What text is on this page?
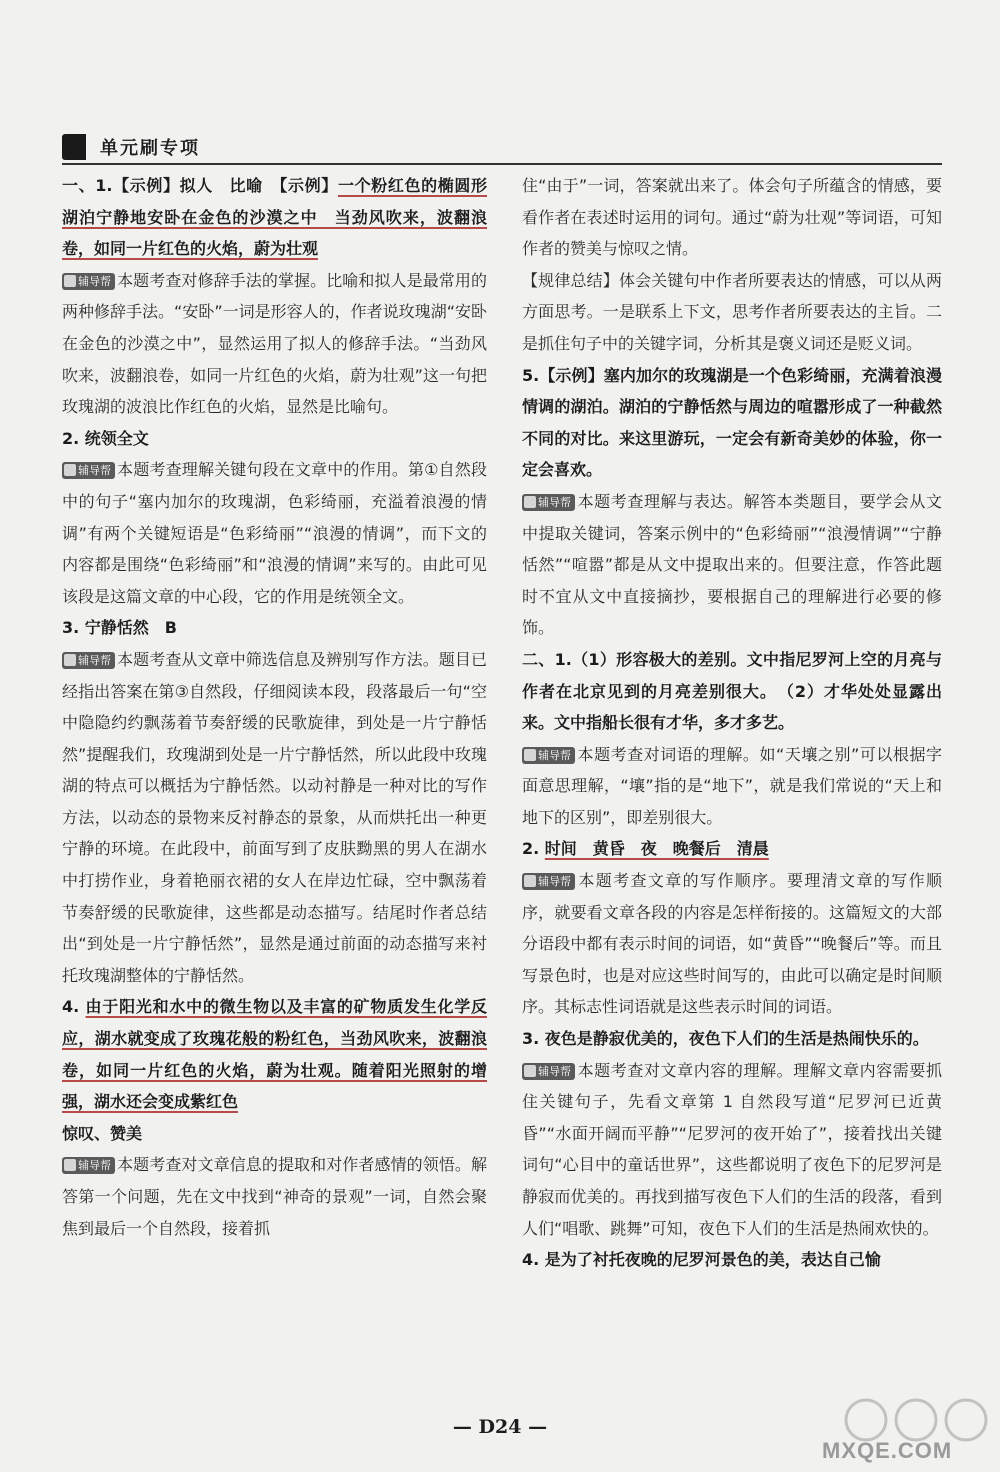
单元刷专项

一、1.【示例】拟人　比喻　【示例】一个粉红色的椭圆形湖泊宁静地安卧在金色的沙漠之中　当劲风吹来，波翻浪卷，如同一片红色的火焰，蔚为壮观

辅导帮 本题考查对修辞手法的掌握。比喻和拟人是最常用的两种修辞手法。“安卧”一词是形容人的，作者说玫瑰湖“安卧在金色的沙漠之中”，显然运用了拟人的修辞手法。“当劲风吹来，波翻浪卷，如同一片红色的火焰，蔚为壮观”这一句把玫瑰湖的波浪比作红色的火焰，显然是比喻句。

2. 统领全文

辅导帮 本题考查理解关键句段在文章中的作用。第①自然段中的句子“塞内加尔的玫瑰湖，色彩绮丽，充溢着浪漫的情调”有两个关键短语是“色彩绮丽”“浪漫的情调”，而下文的内容都是围绕“色彩绮丽”和“浪漫的情调”来写的。由此可见该段是这篇文章的中心段，它的作用是统领全文。

3. 宁静恬然　B

辅导帮 本题考查从文章中筛选信息及辨别写作方法。题目已经指出答案在第③自然段，仔细阅读本段，段落最后一句“空中隐隐约约飘荡着节奏舒缓的民歌旋律，到处是一片宁静恬然”提醒我们，玫瑰湖到处是一片宁静恬然，所以此段中玫瑰湖的特点可以概括为宁静恬然。以动衬静是一种对比的写作方法，以动态的景物来反衬静态的景象，从而烘托出一种更宁静的环境。在此段中，前面写到了皮肤黝黑的男人在湖水中打捞作业，身着艳丽衣裙的女人在岸边忙碌，空中飘荡着节奏舒缓的民歌旋律，这些都是动态描写。结尾时作者总结出“到处是一片宁静恬然”，显然是通过前面的动态描写来衬托玫瑰湖整体的宁静恬然。

4. 由于阳光和水中的微生物以及丰富的矿物质发生化学反应，湖水就变成了玫瑰花般的粉红色，当劲风吹来，波翻浪卷，如同一片红色的火焰，蔚为壮观。随着阳光照射的增强，湖水还会变成紫红色

惊叹、赞美

辅导帮 本题考查对文章信息的提取和对作者感情的领悟。解答第一个问题，先在文中找到“神奇的景观”一词，自然会聚焦到最后一个自然段，接着抓

住“由于”一词，答案就出来了。体会句子所蕴含的情感，要看作者在表述时运用的词句。通过“蔚为壮观”等词语，可知作者的赞美与惊叹之情。

【规律总结】体会关键句中作者所要表达的情感，可以从两方面思考。一是联系上下文，思考作者所要表达的主旨。二是抓住句子中的关键字词，分析其是褒义词还是贬义词。

5.【示例】塞内加尔的玫瑰湖是一个色彩绮丽，充满着浪漫情调的湖泊。湖泊的宁静恬然与周边的喧嚣形成了一种截然不同的对比。来这里游玩，一定会有新奇美妙的体验，你一定会喜欢。

辅导帮 本题考查理解与表达。解答本类题目，要学会从文中提取关键词，答案示例中的“色彩绮丽”“浪漫情调”“宁静恬然”“喧嚣”都是从文中提取出来的。但要注意，作答此题时不宜从文中直接摘抄，要根据自己的理解进行必要的修饰。

二、1.（1）形容极大的差别。文中指尼罗河上空的月亮与作者在北京见到的月亮差别很大。　（2）才华处处显露出来。文中指船长很有才华，多才多艺。

辅导帮 本题考查对词语的理解。如“天壤之别”可以根据字面意思理解，“壤”指的是“地下”，就是我们常说的“天上和地下的区别”，即差别很大。

2. 时间　黄昏　夜　晚餐后　清晨

辅导帮 本题考查文章的写作顺序。要理清文章的写作顺序，就要看文章各段的内容是怎样衔接的。这篇短文的大部分语段中都有表示时间的词语，如“黄昏”“晚餐后”等。而且写景色时，也是对应这些时间写的，由此可以确定是时间顺序。其标志性词语就是这些表示时间的词语。

3. 夜色是静寂优美的，夜色下人们的生活是热闹快乐的。

辅导帮 本题考查对文章内容的理解。理解文章内容需要抓住关键句子，先看文章第 1 自然段写道“尼罗河已近黄昏”“水面开阔而平静”“尼罗河的夜开始了”，接着找出关键词句“心目中的童话世界”，这些都说明了夜色下的尼罗河是静寂而优美的。再找到描写夜色下人们的生活的段落，看到人们“唱歌、跳舞”可知，夜色下人们的生活是热闹欢快的。

4. 是为了衬托夜晚的尼罗河景色的美，表达自己愉

— D24 —
MXQE.COM
